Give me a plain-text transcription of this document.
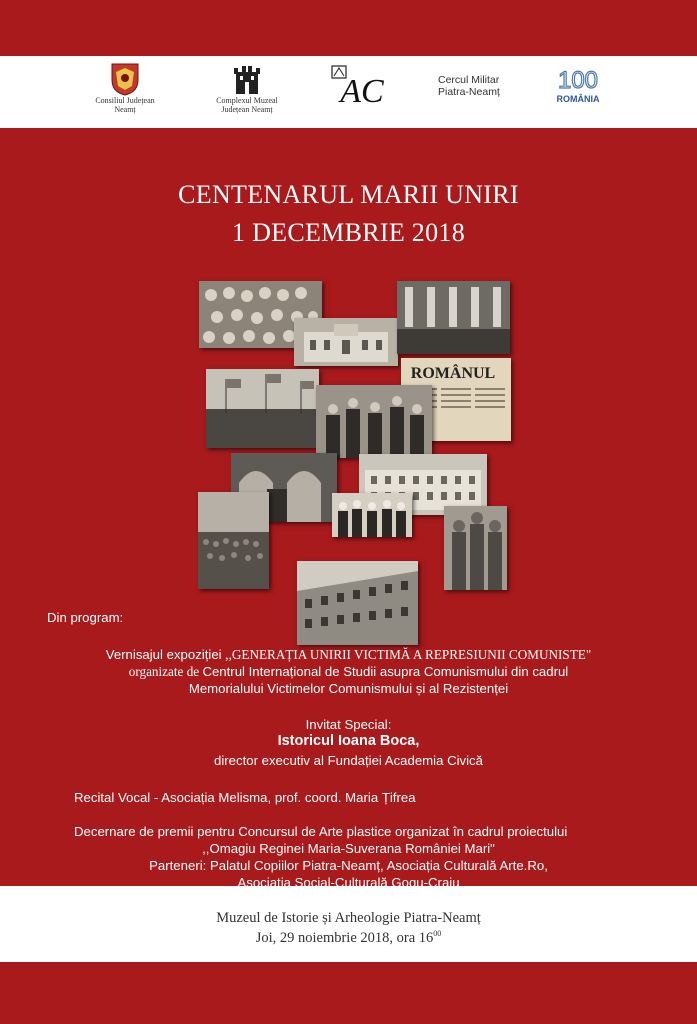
Consiliul Județean
Neamț
Complexul Muzeal
Județean Neamț	AC	Cercul Militar
Piatra-Neamț	100
ROMÂNIA
CENTENARUL MARII UNIRI
1 DECEMBRIE 2018
ROMÂNUL
Din program:
Vernisajul expoziției ,,GENERAȚIA UNIRII VICTIMĂ A REPRESIUNII COMUNISTE"
organizate de Centrul Internațional de Studii asupra Comunismului din cadrul
Memorialului Victimelor Comunismului și al Rezistenței
Invitat Special:
Istoricul Ioana Boca,
director executiv al Fundației Academia Civică
Recital Vocal - Asociația Melisma, prof. coord. Maria Țifrea
Decernare de premii pentru Concursul de Arte plastice organizat în cadrul proiectului
,,Omagiu Reginei Maria-Suverana României Mari"
Parteneri: Palatul Copiilor Piatra-Neamț, Asociația Culturală Arte.Ro,
Asociația Social-Culturală Gogu-Craiu
Muzeul de Istorie și Arheologie Piatra-Neamț
Joi, 29 noiembrie 2018, ora $16^{00}$
